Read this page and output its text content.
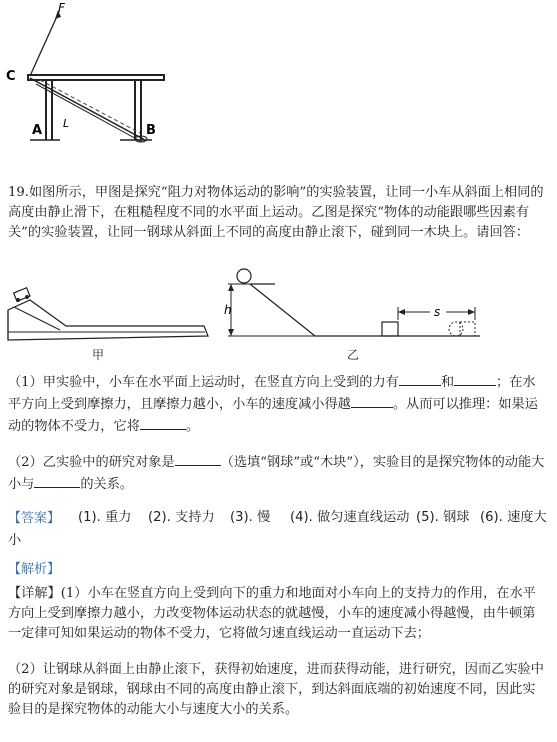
F
C
A	B
L

19.如图所示，甲图是探究“阻力对物体运动的影响”的实验装置，让同一小车从斜面上相同的高度由静止滑下，在粗糙程度不同的水平面上运动。乙图是探究“物体的动能跟哪些因素有关”的实验装置，让同一钢球从斜面上不同的高度由静止滚下，碰到同一木块上。请回答：

h	s
甲	乙

（1）甲实验中，小车在水平面上运动时，在竖直方向上受到的力有	和	；在水平方向上受到摩擦力，且摩擦力越小，小车的速度减小得越	。从而可以推理：如果运动的物体不受力，它将	。

（2）乙实验中的研究对象是	（选填“钢球”或“木块”），实验目的是探究物体的动能大小与	的关系。

【答案】 (1). 重力 (2). 支持力 (3). 慢 (4). 做匀速直线运动 (5). 钢球 (6). 速度大
小
【解析】

【详解】(1）小车在竖直方向上受到向下的重力和地面对小车向上的支持力的作用，在水平方向上受到摩擦力越小，力改变物体运动状态的就越慢，小车的速度减小得越慢，由牛顿第一定律可知如果运动的物体不受力，它将做匀速直线运动一直运动下去；

（2）让钢球从斜面上由静止滚下，获得初始速度，进而获得动能，进行研究，因而乙实验中的研究对象是钢球，钢球由不同的高度由静止滚下，到达斜面底端的初始速度不同，因此实验目的是探究物体的动能大小与速度大小的关系。
